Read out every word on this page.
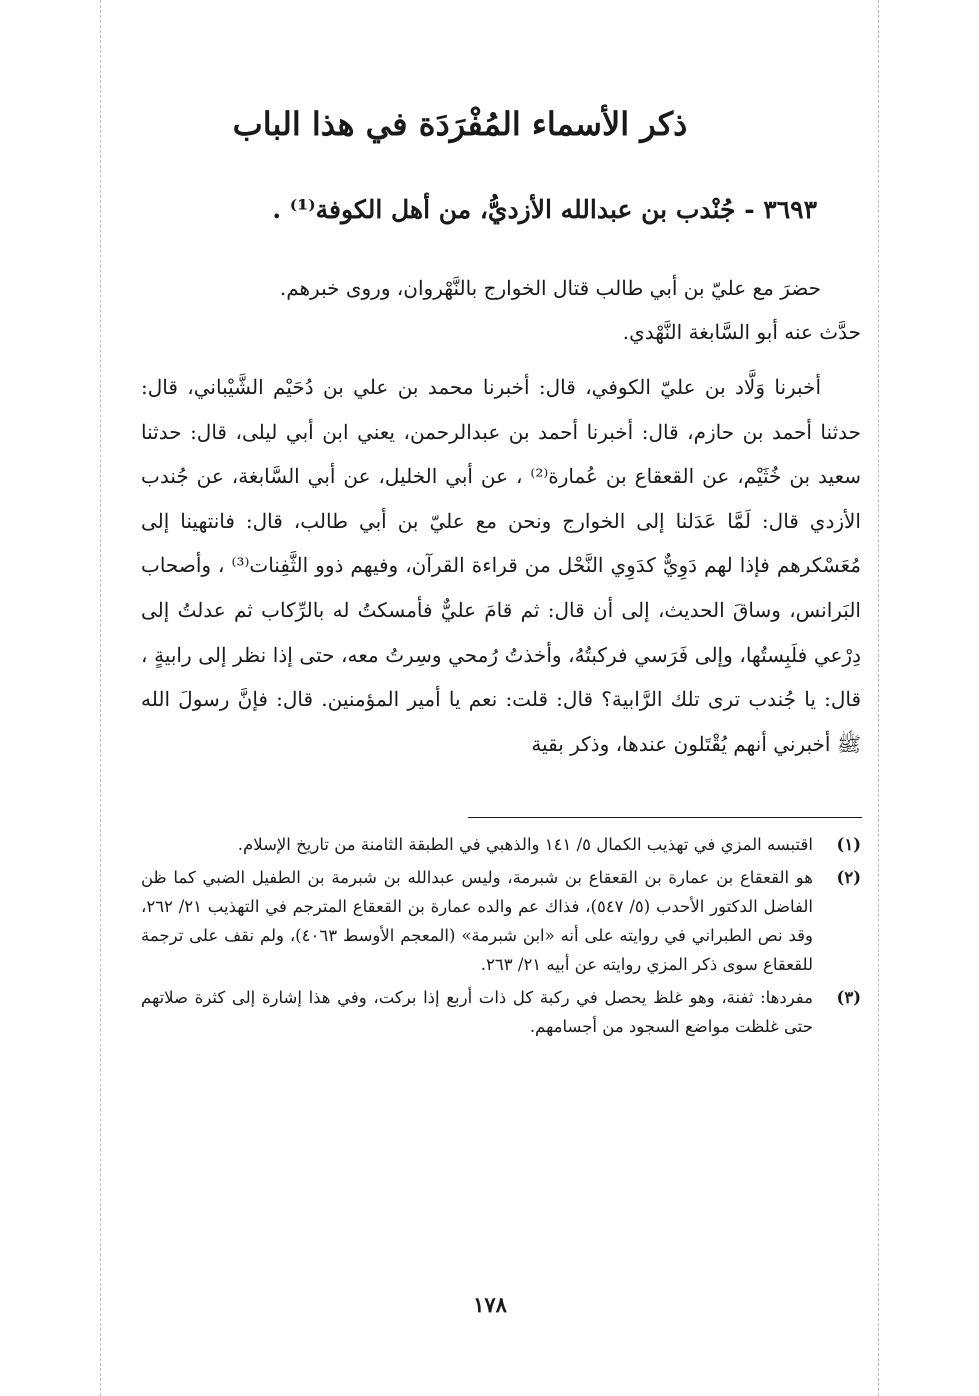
ذكر الأسماء المُفْرَدَة في هذا الباب
٣٦٩٣ - جُنْدب بن عبدالله الأزديُّ، من أهل الكوفة⁽¹⁾ .

حضرَ مع عليّ بن أبي طالب قتال الخوارج بالنَّهْروان، وروى خبرهم.

حدَّث عنه أبو السَّابغة النَّهْدي.

أخبرنا وَلَّاد بن عليّ الكوفي، قال: أخبرنا محمد بن علي بن دُحَيْم الشَّيْباني، قال: حدثنا أحمد بن حازم، قال: أخبرنا أحمد بن عبدالرحمن، يعني ابن أبي ليلى، قال: حدثنا سعيد بن خُثَيْم، عن القعقاع بن عُمارة⁽²⁾ ، عن أبي الخليل، عن أبي السَّابغة، عن جُندب الأزدي قال: لَمَّا عَدَلنا إلى الخوارج ونحن مع عليّ بن أبي طالب، قال: فانتهينا إلى مُعَسْكرهم فإذا لهم دَوِيٌّ كدَوِي النَّحْل من قراءة القرآن، وفيهم ذوو الثَّفِنات⁽³⁾ ، وأصحاب البَرانس، وساقَ الحديث، إلى أن قال: ثم قامَ عليٌّ فأمسكتُ له بالرِّكاب ثم عدلتُ إلى دِرْعي فلَبِستُها، وإلى فَرَسي فركبتُهُ، وأخذتُ رُمحي وسِرتُ معه، حتى إذا نظر إلى رابيةٍ ، قال: يا جُندب ترى تلك الرَّابية؟ قال: قلت: نعم يا أمير المؤمنين. قال: فإنَّ رسولَ الله ﷺ أخبرني أنهم يُقْتَلون عندها، وذكر بقية

(١)
اقتبسه المزي في تهذيب الكمال ٥/ ١٤١ والذهبي في الطبقة الثامنة من تاريخ الإسلام.
(٢)
هو القعقاع بن عمارة بن القعقاع بن شبرمة، وليس عبدالله بن شبرمة بن الطفيل الضبي كما ظن الفاضل الدكتور الأحدب (٥/ ٥٤٧)، فذاك عم والده عمارة بن القعقاع المترجم في التهذيب ٢١/ ٢٦٢، وقد نص الطبراني في روايته على أنه «ابن شبرمة» (المعجم الأوسط ٤٠٦٣)، ولم نقف على ترجمة للقعقاع سوى ذكر المزي روايته عن أبيه ٢١/ ٢٦٣.
(٣)
مفردها: ثفنة، وهو غلظ يحصل في ركبة كل ذات أربع إذا بركت، وفي هذا إشارة إلى كثرة صلاتهم حتى غلظت مواضع السجود من أجسامهم.
١٧٨
